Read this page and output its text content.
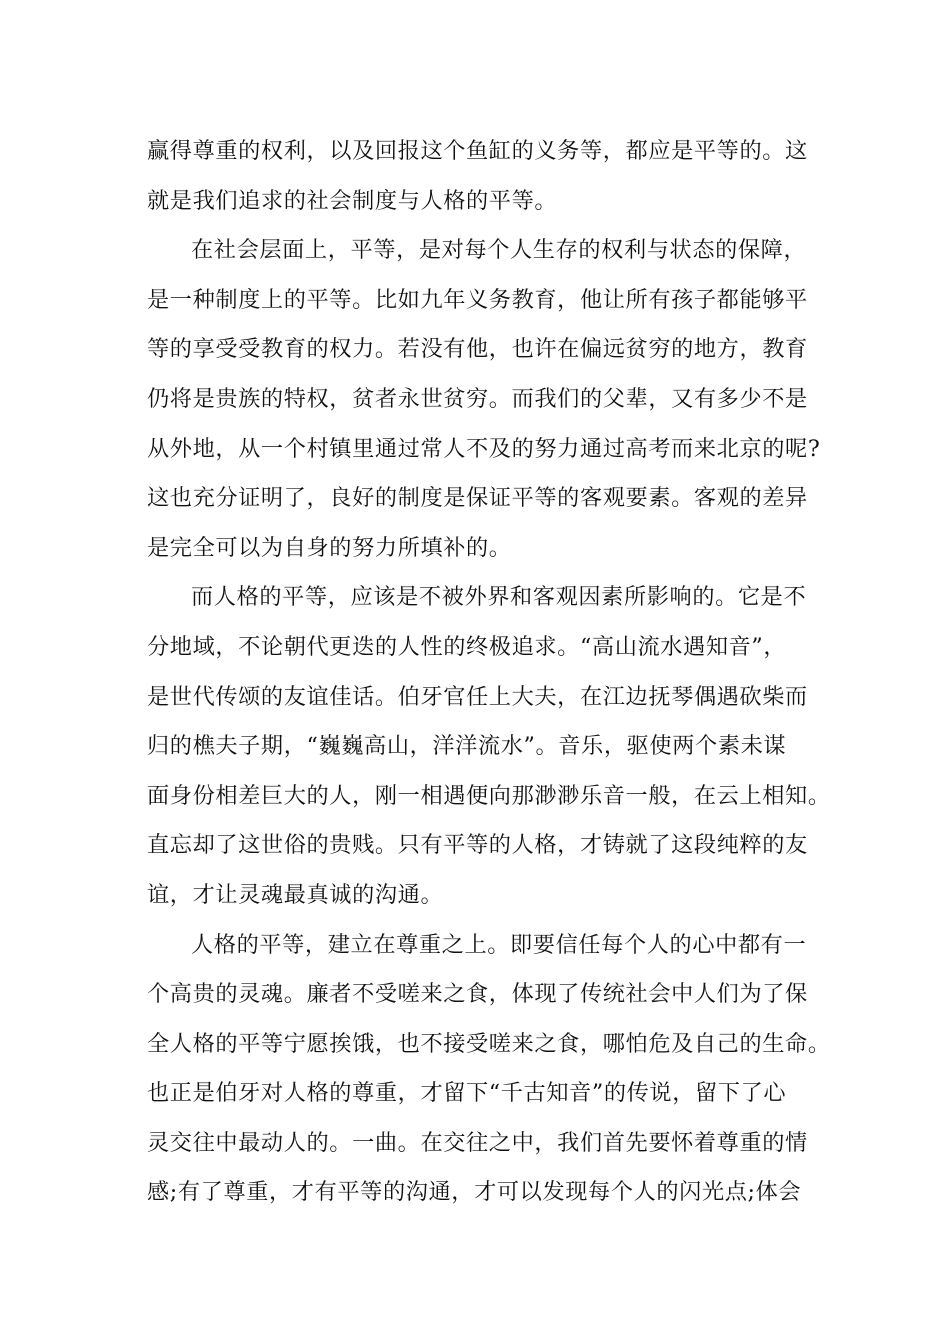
赢得尊重的权利，以及回报这个鱼缸的义务等，都应是平等的。这
就是我们追求的社会制度与人格的平等。
在社会层面上，平等，是对每个人生存的权利与状态的保障，
是一种制度上的平等。比如九年义务教育，他让所有孩子都能够平
等的享受受教育的权力。若没有他，也许在偏远贫穷的地方，教育
仍将是贵族的特权，贫者永世贫穷。而我们的父辈，又有多少不是
从外地，从一个村镇里通过常人不及的努力通过高考而来北京的呢?
这也充分证明了，良好的制度是保证平等的客观要素。客观的差异
是完全可以为自身的努力所填补的。
而人格的平等，应该是不被外界和客观因素所影响的。它是不
分地域，不论朝代更迭的人性的终极追求。“高山流水遇知音”，
是世代传颂的友谊佳话。伯牙官任上大夫，在江边抚琴偶遇砍柴而
归的樵夫子期，“巍巍高山，洋洋流水”。音乐，驱使两个素未谋
面身份相差巨大的人，刚一相遇便向那渺渺乐音一般，在云上相知。
直忘却了这世俗的贵贱。只有平等的人格，才铸就了这段纯粹的友
谊，才让灵魂最真诚的沟通。
人格的平等，建立在尊重之上。即要信任每个人的心中都有一
个高贵的灵魂。廉者不受嗟来之食，体现了传统社会中人们为了保
全人格的平等宁愿挨饿，也不接受嗟来之食，哪怕危及自己的生命。
也正是伯牙对人格的尊重，才留下“千古知音”的传说，留下了心
灵交往中最动人的。一曲。在交往之中，我们首先要怀着尊重的情
感;有了尊重，才有平等的沟通，才可以发现每个人的闪光点;体会
